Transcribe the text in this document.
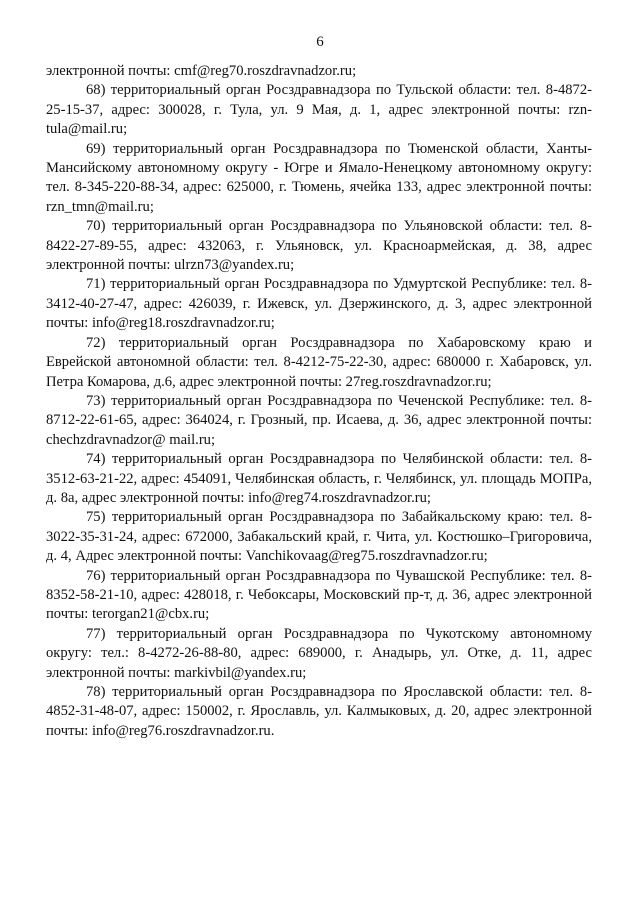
6

электронной почты: cmf@reg70.roszdravnadzor.ru;

68) территориальный орган Росздравнадзора по Тульской области: тел. 8-4872-25-15-37, адрес: 300028, г. Тула, ул. 9 Мая, д. 1, адрес электронной почты: rzn-tula@mail.ru;

69) территориальный орган Росздравнадзора по Тюменской области, Ханты-Мансийскому автономному округу - Югре и Ямало-Ненецкому автономному округу: тел. 8-345-220-88-34, адрес: 625000, г. Тюмень, ячейка 133, адрес электронной почты: rzn_tmn@mail.ru;

70) территориальный орган Росздравнадзора по Ульяновской области: тел. 8-8422-27-89-55, адрес: 432063, г. Ульяновск, ул. Красноармейская, д. 38, адрес электронной почты: ulrzn73@yandex.ru;

71) территориальный орган Росздравнадзора по Удмуртской Республике: тел. 8-3412-40-27-47, адрес: 426039, г. Ижевск, ул. Дзержинского, д. 3, адрес электронной почты: info@reg18.roszdravnadzor.ru;

72) территориальный орган Росздравнадзора по Хабаровскому краю и Еврейской автономной области: тел. 8-4212-75-22-30, адрес: 680000 г. Хабаровск, ул. Петра Комарова, д.6, адрес электронной почты: 27reg.roszdravnadzor.ru;

73) территориальный орган Росздравнадзора по Чеченской Республике: тел. 8-8712-22-61-65, адрес: 364024, г. Грозный, пр. Исаева, д. 36, адрес электронной почты: chechzdravnadzor@ mail.ru;

74) территориальный орган Росздравнадзора по Челябинской области: тел. 8-3512-63-21-22, адрес: 454091, Челябинская область, г. Челябинск, ул. площадь МОПРа, д. 8а, адрес электронной почты: info@reg74.roszdravnadzor.ru;

75) территориальный орган Росздравнадзора по Забайкальскому краю: тел. 8-3022-35-31-24, адрес: 672000, Забакальский край, г. Чита, ул. Костюшко–Григоровича, д. 4, Адрес электронной почты: Vanchikovaag@reg75.roszdravnadzor.ru;

76) территориальный орган Росздравнадзора по Чувашской Республике: тел. 8-8352-58-21-10, адрес: 428018, г. Чебоксары, Московский пр-т, д. 36, адрес электронной почты: terorgan21@cbx.ru;

77) территориальный орган Росздравнадзора по Чукотскому автономному округу: тел.: 8-4272-26-88-80, адрес: 689000, г. Анадырь, ул. Отке, д. 11, адрес электронной почты: markivbil@yandex.ru;

78) территориальный орган Росздравнадзора по Ярославской области: тел. 8-4852-31-48-07, адрес: 150002, г. Ярославль, ул. Калмыковых, д. 20, адрес электронной почты: info@reg76.roszdravnadzor.ru.
